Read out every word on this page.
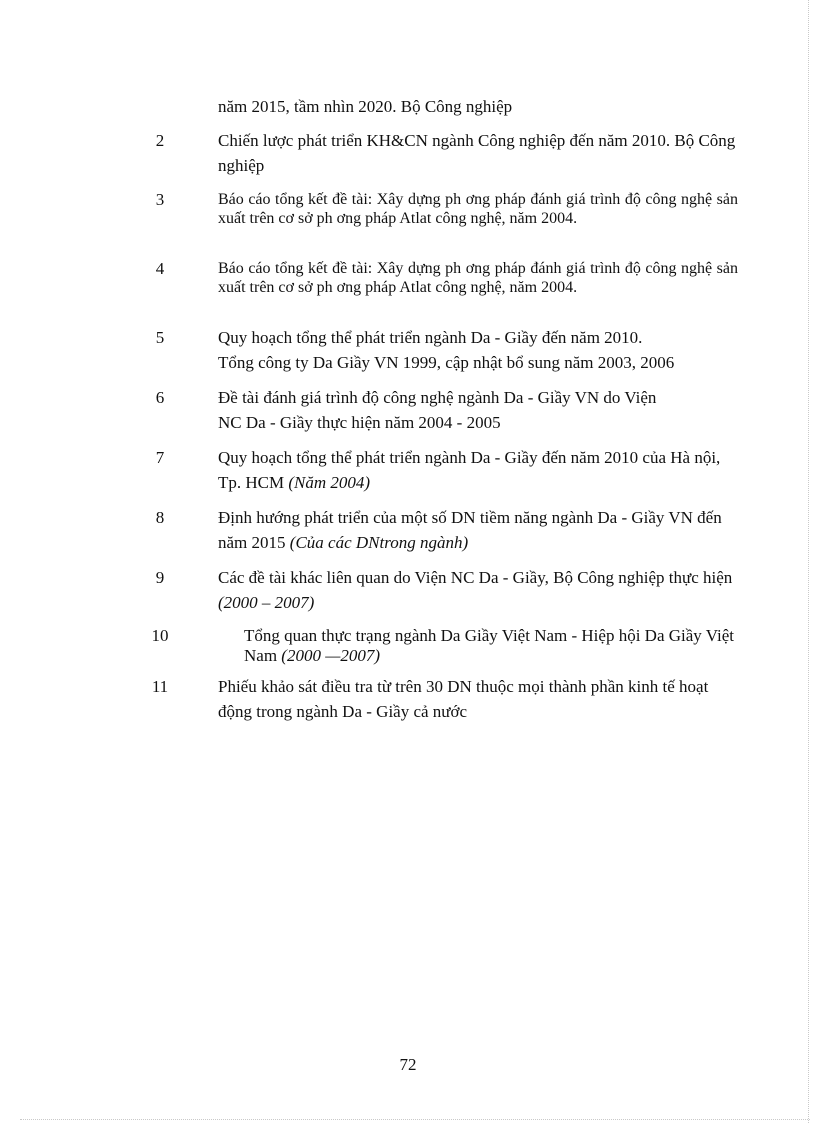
năm 2015, tầm nhìn 2020. Bộ Công nghiệp
2	Chiến lược phát triển KH&CN ngành Công nghiệp đến năm 2010. Bộ Công nghiệp
3	Báo cáo tổng kết đề tài: Xây dựng ph ơng pháp đánh giá trình độ công nghệ sản xuất trên cơ sở ph ơng pháp Atlat công nghệ, năm 2004.
4	Báo cáo tổng kết đề tài: Xây dựng ph ơng pháp đánh giá trình độ công nghệ sản xuất trên cơ sở ph ơng pháp Atlat công nghệ, năm 2004.
5	Quy hoạch tổng thể phát triển ngành Da - Giầy đến năm 2010.
Tổng công ty Da Giầy VN 1999, cập nhật bổ sung năm 2003, 2006
6	Đề tài đánh giá trình độ công nghệ ngành Da - Giầy VN do Viện
NC Da - Giầy thực hiện năm 2004 - 2005
7	Quy hoạch tổng thể phát triển ngành Da - Giầy đến năm 2010 của Hà nội, Tp. HCM (Năm 2004)
8	Định hướng phát triển của một số DN tiềm năng ngành Da - Giầy VN đến năm 2015 (Của các DNtrong ngành)
9	Các đề tài khác liên quan do Viện NC Da - Giầy, Bộ Công nghiệp thực hiện (2000 – 2007)
10	Tổng quan thực trạng ngành Da Giầy Việt Nam - Hiệp hội Da Giầy Việt Nam (2000 —2007)
11	Phiếu khảo sát điều tra từ trên 30 DN thuộc mọi thành phần kinh tế hoạt động trong ngành Da - Giầy cả nước
72
